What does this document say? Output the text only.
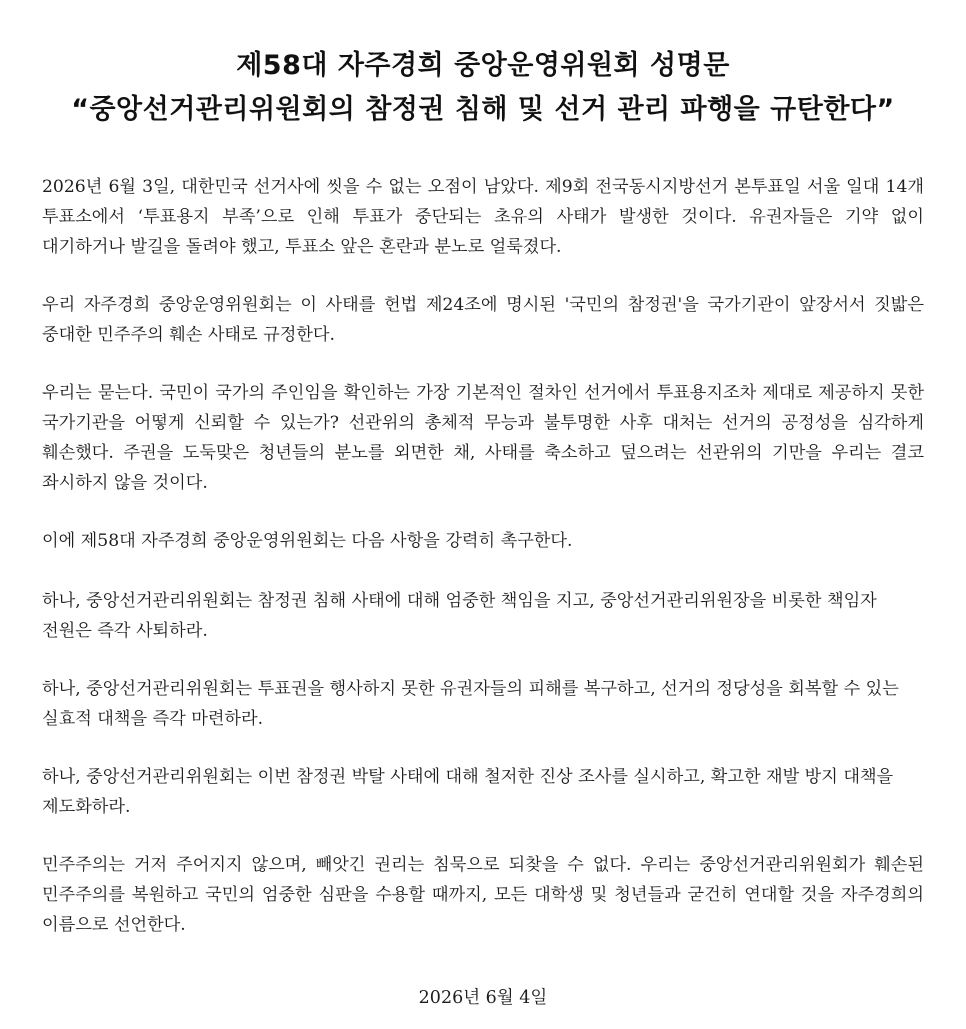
제58대 자주경희 중앙운영위원회 성명문
“중앙선거관리위원회의 참정권 침해 및 선거 관리 파행을 규탄한다”

2026년 6월 3일, 대한민국 선거사에 씻을 수 없는 오점이 남았다. 제9회 전국동시지방선거 본투표일 서울 일대 14개 투표소에서 ‘투표용지 부족’으로 인해 투표가 중단되는 초유의 사태가 발생한 것이다. 유권자들은 기약 없이 대기하거나 발길을 돌려야 했고, 투표소 앞은 혼란과 분노로 얼룩졌다.

우리 자주경희 중앙운영위원회는 이 사태를 헌법 제24조에 명시된 '국민의 참정권'을 국가기관이 앞장서서 짓밟은 중대한 민주주의 훼손 사태로 규정한다.

우리는 묻는다. 국민이 국가의 주인임을 확인하는 가장 기본적인 절차인 선거에서 투표용지조차 제대로 제공하지 못한 국가기관을 어떻게 신뢰할 수 있는가? 선관위의 총체적 무능과 불투명한 사후 대처는 선거의 공정성을 심각하게 훼손했다. 주권을 도둑맞은 청년들의 분노를 외면한 채, 사태를 축소하고 덮으려는 선관위의 기만을 우리는 결코 좌시하지 않을 것이다.

이에 제58대 자주경희 중앙운영위원회는 다음 사항을 강력히 촉구한다.

하나, 중앙선거관리위원회는 참정권 침해 사태에 대해 엄중한 책임을 지고, 중앙선거관리위원장을 비롯한 책임자 전원은 즉각 사퇴하라.

하나, 중앙선거관리위원회는 투표권을 행사하지 못한 유권자들의 피해를 복구하고, 선거의 정당성을 회복할 수 있는 실효적 대책을 즉각 마련하라.

하나, 중앙선거관리위원회는 이번 참정권 박탈 사태에 대해 철저한 진상 조사를 실시하고, 확고한 재발 방지 대책을 제도화하라.

민주주의는 거저 주어지지 않으며, 빼앗긴 권리는 침묵으로 되찾을 수 없다. 우리는 중앙선거관리위원회가 훼손된 민주주의를 복원하고 국민의 엄중한 심판을 수용할 때까지, 모든 대학생 및 청년들과 굳건히 연대할 것을 자주경희의 이름으로 선언한다.

2026년 6월 4일
